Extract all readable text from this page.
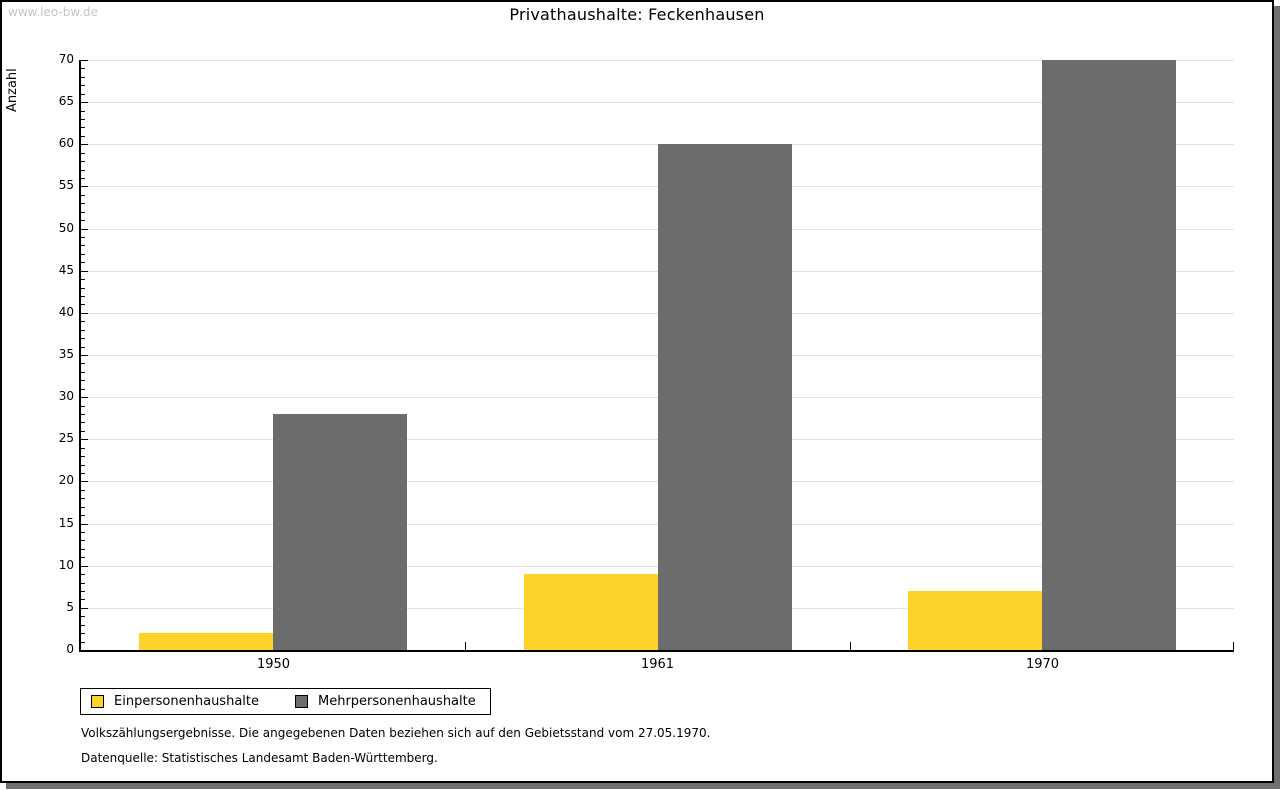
www.leo-bw.de	Privathaushalte: Feckenhausen
Anzahl
0
5
10
15
20
25
30
35
40
45
50
55
60
65
70
1950	1961	1970
Einpersonenhaushalte	Mehrpersonenhaushalte
Volkszählungsergebnisse. Die angegebenen Daten beziehen sich auf den Gebietsstand vom 27.05.1970.
Datenquelle: Statistisches Landesamt Baden-Württemberg.
